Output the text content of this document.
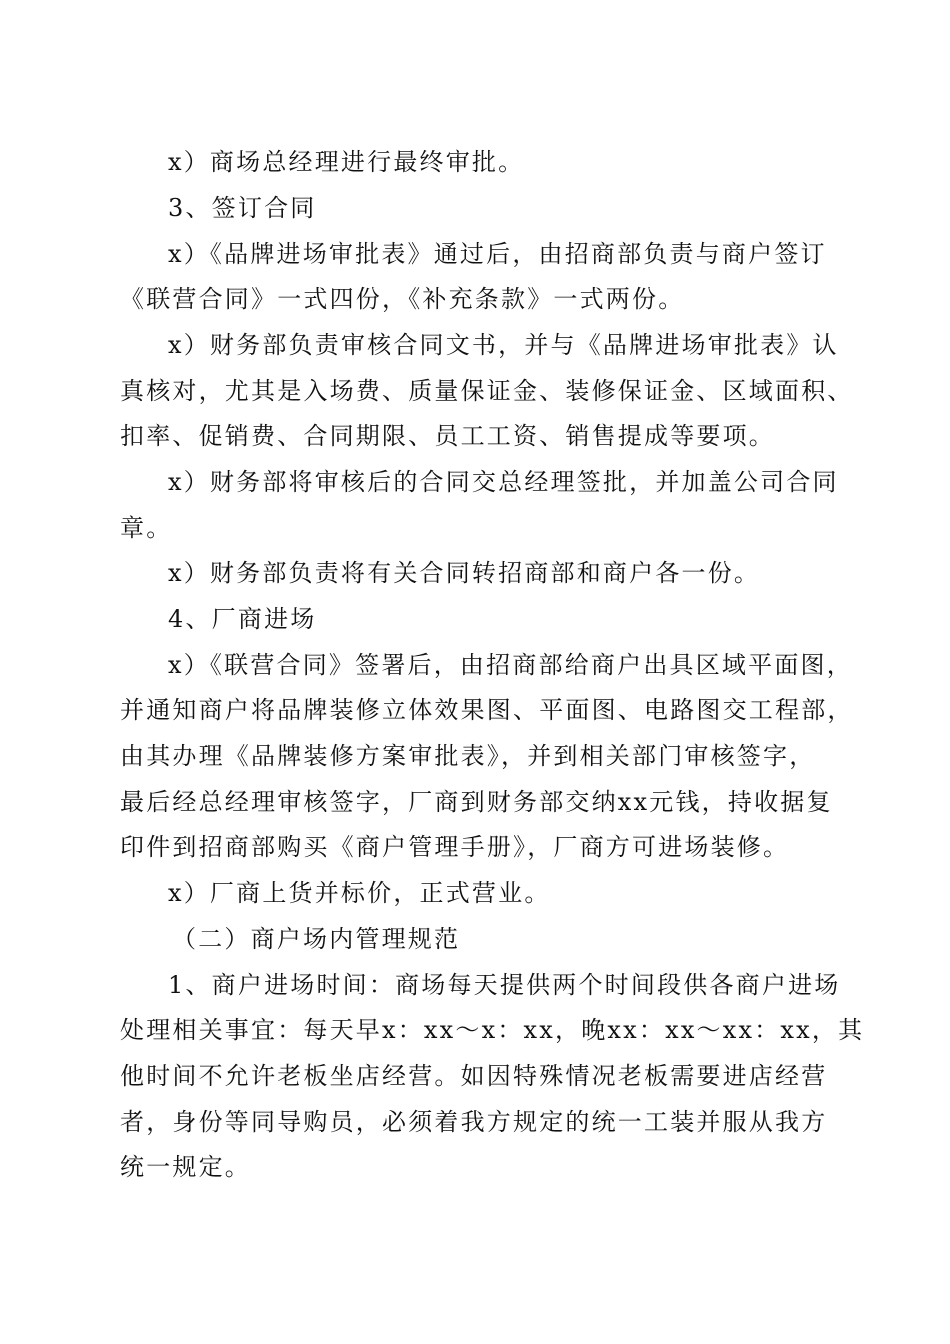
x）商场总经理进行最终审批。
3、签订合同
x）《品牌进场审批表》通过后，由招商部负责与商户签订
《联营合同》一式四份，《补充条款》一式两份。
x）财务部负责审核合同文书，并与《品牌进场审批表》认
真核对，尤其是入场费、质量保证金、装修保证金、区域面积、
扣率、促销费、合同期限、员工工资、销售提成等要项。
x）财务部将审核后的合同交总经理签批，并加盖公司合同
章。
x）财务部负责将有关合同转招商部和商户各一份。
4、厂商进场
x）《联营合同》签署后，由招商部给商户出具区域平面图，
并通知商户将品牌装修立体效果图、平面图、电路图交工程部，
由其办理《品牌装修方案审批表》，并到相关部门审核签字，
最后经总经理审核签字，厂商到财务部交纳xx元钱，持收据复
印件到招商部购买《商户管理手册》，厂商方可进场装修。
x）厂商上货并标价，正式营业。
（二）商户场内管理规范
1、商户进场时间：商场每天提供两个时间段供各商户进场
处理相关事宜：每天早x：xx～x：xx，晚xx：xx～xx：xx，其
他时间不允许老板坐店经营。如因特殊情况老板需要进店经营
者，身份等同导购员，必须着我方规定的统一工装并服从我方
统一规定。
